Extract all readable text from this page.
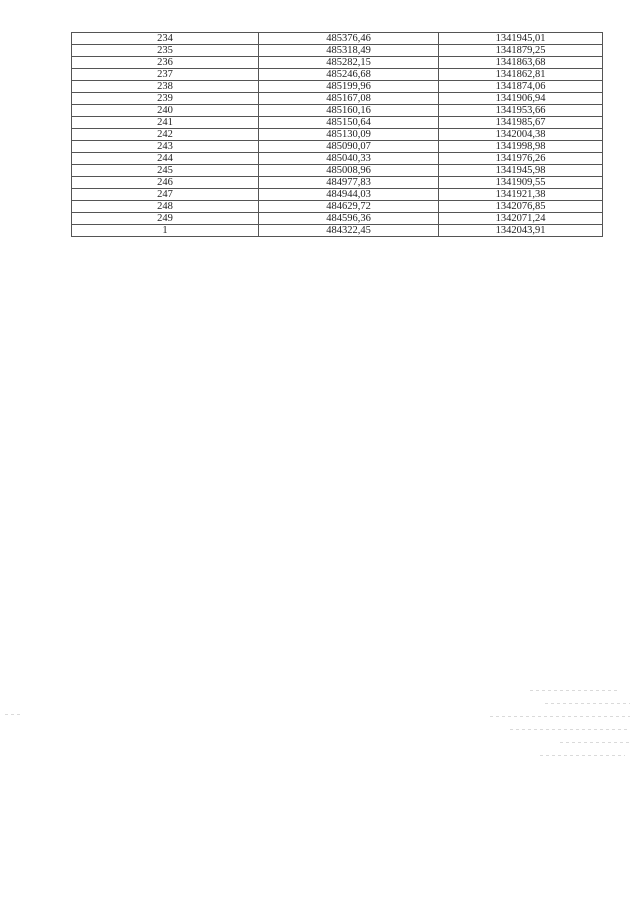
234	485376,46	1341945,01
235	485318,49	1341879,25
236	485282,15	1341863,68
237	485246,68	1341862,81
238	485199,96	1341874,06
239	485167,08	1341906,94
240	485160,16	1341953,66
241	485150,64	1341985,67
242	485130,09	1342004,38
243	485090,07	1341998,98
244	485040,33	1341976,26
245	485008,96	1341945,98
246	484977,83	1341909,55
247	484944,03	1341921,38
248	484629,72	1342076,85
249	484596,36	1342071,24
1	484322,45	1342043,91
